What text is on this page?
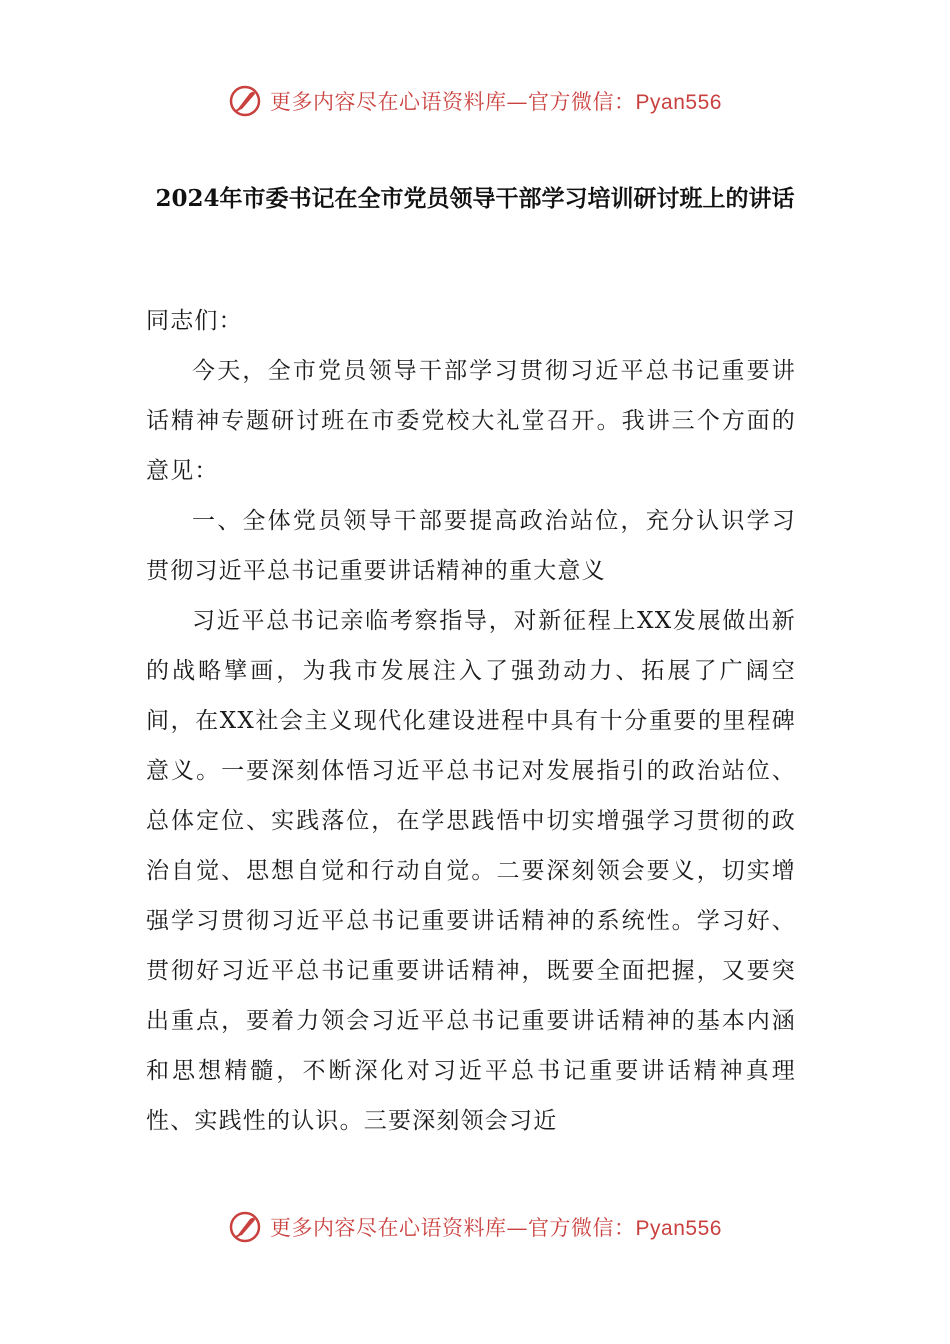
更多内容尽在心语资料库—官方微信：Pyan556
2024年市委书记在全市党员领导干部学习培训研讨班上的讲话

同志们：

今天，全市党员领导干部学习贯彻习近平总书记重要讲话精神专题研讨班在市委党校大礼堂召开。我讲三个方面的意见：

一、全体党员领导干部要提高政治站位，充分认识学习贯彻习近平总书记重要讲话精神的重大意义

习近平总书记亲临考察指导，对新征程上XX发展做出新的战略擘画，为我市发展注入了强劲动力、拓展了广阔空间，在XX社会主义现代化建设进程中具有十分重要的里程碑意义。一要深刻体悟习近平总书记对发展指引的政治站位、总体定位、实践落位，在学思践悟中切实增强学习贯彻的政治自觉、思想自觉和行动自觉。二要深刻领会要义，切实增强学习贯彻习近平总书记重要讲话精神的系统性。学习好、贯彻好习近平总书记重要讲话精神，既要全面把握，又要突出重点，要着力领会习近平总书记重要讲话精神的基本内涵和思想精髓，不断深化对习近平总书记重要讲话精神真理性、实践性的认识。三要深刻领会习近

更多内容尽在心语资料库—官方微信：Pyan556
